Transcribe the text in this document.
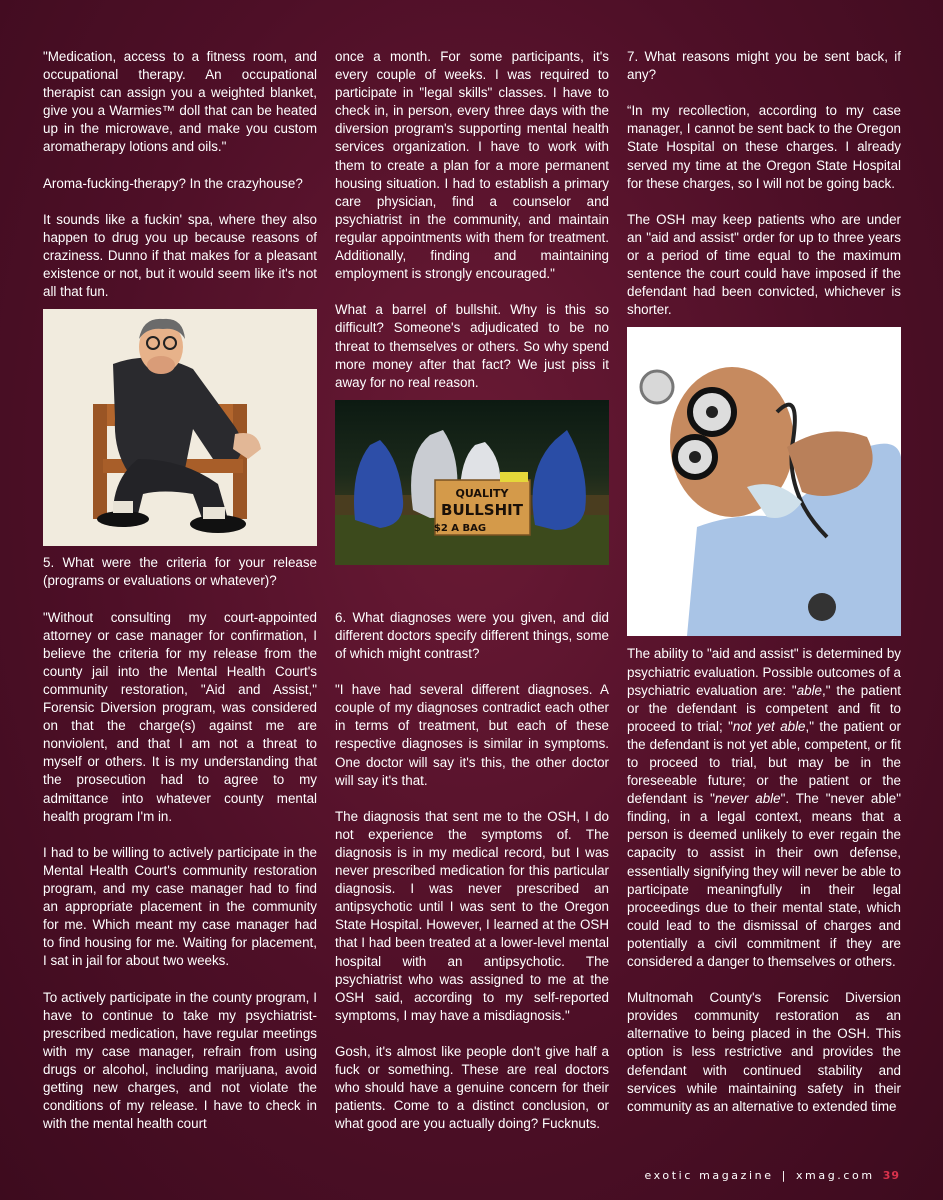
"Medication, access to a fitness room, and occupational therapy. An occupational therapist can assign you a weighted blanket, give you a Warmies™ doll that can be heated up in the microwave, and make you custom aromatherapy lotions and oils."

Aroma-fucking-therapy? In the crazyhouse?

It sounds like a fuckin' spa, where they also happen to drug you up because reasons of craziness. Dunno if that makes for a pleasant existence or not, but it would seem like it's not all that fun.

5. What were the criteria for your release (programs or evaluations or whatever)?

"Without consulting my court-appointed attorney or case manager for confirmation, I believe the criteria for my release from the county jail into the Mental Health Court's community restoration, "Aid and Assist," Forensic Diversion program, was considered on that the charge(s) against me are nonviolent, and that I am not a threat to myself or others. It is my understanding that the prosecution had to agree to my admittance into whatever county mental health program I'm in.

I had to be willing to actively participate in the Mental Health Court's community restoration program, and my case manager had to find an appropriate placement in the community for me. Which meant my case manager had to find housing for me. Waiting for placement, I sat in jail for about two weeks.

To actively participate in the county program, I have to continue to take my psychiatrist-prescribed medication, have regular meetings with my case manager, refrain from using drugs or alcohol, including marijuana, avoid getting new charges, and not violate the conditions of my release. I have to check in with the mental health court

once a month. For some participants, it's every couple of weeks. I was required to participate in "legal skills" classes. I have to check in, in person, every three days with the diversion program's supporting mental health services organization. I have to work with them to create a plan for a more permanent housing situation. I had to establish a primary care physician, find a counselor and psychiatrist in the community, and maintain regular appointments with them for treatment. Additionally, finding and maintaining employment is strongly encouraged."

What a barrel of bullshit. Why is this so difficult? Someone's adjudicated to be no threat to themselves or others. So why spend more money after that fact? We just piss it away for no real reason.

QUALITY
BULLSHIT
$2 A BAG

6. What diagnoses were you given, and did different doctors specify different things, some of which might contrast?

"I have had several different diagnoses. A couple of my diagnoses contradict each other in terms of treatment, but each of these respective diagnoses is similar in symptoms. One doctor will say it's this, the other doctor will say it's that.

The diagnosis that sent me to the OSH, I do not experience the symptoms of. The diagnosis is in my medical record, but I was never prescribed medication for this particular diagnosis. I was never prescribed an antipsychotic until I was sent to the Oregon State Hospital. However, I learned at the OSH that I had been treated at a lower-level mental hospital with an antipsychotic. The psychiatrist who was assigned to me at the OSH said, according to my self-reported symptoms, I may have a misdiagnosis."

Gosh, it's almost like people don't give half a fuck or something. These are real doctors who should have a genuine concern for their patients. Come to a distinct conclusion, or what good are you actually doing? Fucknuts.

7. What reasons might you be sent back, if any?

“In my recollection, according to my case manager, I cannot be sent back to the Oregon State Hospital on these charges. I already served my time at the Oregon State Hospital for these charges, so I will not be going back.

The OSH may keep patients who are under an "aid and assist" order for up to three years or a period of time equal to the maximum sentence the court could have imposed if the defendant had been convicted, whichever is shorter.

The ability to "aid and assist" is determined by psychiatric evaluation. Possible outcomes of a psychiatric evaluation are: "able," the patient or the defendant is competent and fit to proceed to trial; "not yet able," the patient or the defendant is not yet able, competent, or fit to proceed to trial, but may be in the foreseeable future; or the patient or the defendant is "never able". The "never able" finding, in a legal context, means that a person is deemed unlikely to ever regain the capacity to assist in their own defense, essentially signifying they will never be able to participate meaningfully in their legal proceedings due to their mental state, which could lead to the dismissal of charges and potentially a civil commitment if they are considered a danger to themselves or others.

Multnomah County's Forensic Diversion provides community restoration as an alternative to being placed in the OSH. This option is less restrictive and provides the defendant with continued stability and services while maintaining safety in their community as an alternative to extended time

exotic magazine | xmag.com 39
